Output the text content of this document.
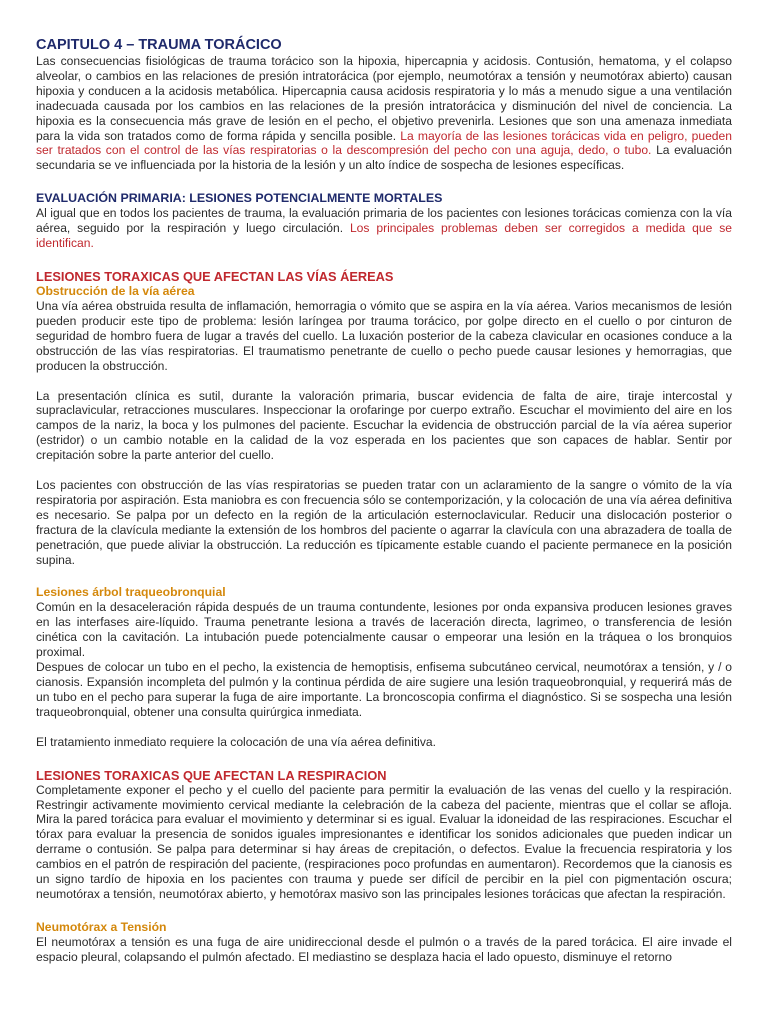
CAPITULO 4 – TRAUMA TORÁCICO

Las consecuencias fisiológicas de trauma torácico son la hipoxia, hipercapnia y acidosis. Contusión, hematoma, y el colapso alveolar, o cambios en las relaciones de presión intratorácica (por ejemplo, neumotórax a tensión y neumotórax abierto) causan hipoxia y conducen a la acidosis metabólica. Hipercapnia causa acidosis respiratoria y lo más a menudo sigue a una ventilación inadecuada causada por los cambios en las relaciones de la presión intratorácica y disminución del nivel de conciencia. La hipoxia es la consecuencia más grave de lesión en el pecho, el objetivo prevenirla. Lesiones que son una amenaza inmediata para la vida son tratados como de forma rápida y sencilla posible. La mayoría de las lesiones torácicas vida en peligro, pueden ser tratados con el control de las vías respiratorias o la descompresión del pecho con una aguja, dedo, o tubo. La evaluación secundaria se ve influenciada por la historia de la lesión y un alto índice de sospecha de lesiones específicas.

EVALUACIÓN PRIMARIA: LESIONES POTENCIALMENTE MORTALES

Al igual que en todos los pacientes de trauma, la evaluación primaria de los pacientes con lesiones torácicas comienza con la vía aérea, seguido por la respiración y luego circulación. Los principales problemas deben ser corregidos a medida que se identifican.

LESIONES TORAXICAS QUE AFECTAN LAS VÍAS ÁEREAS
Obstrucción de la vía aérea

Una vía aérea obstruida resulta de inflamación, hemorragia o vómito que se aspira en la vía aérea. Varios mecanismos de lesión pueden producir este tipo de problema: lesión laríngea por trauma torácico, por golpe directo en el cuello o por cinturon de seguridad de hombro fuera de lugar a través del cuello. La luxación posterior de la cabeza clavicular en ocasiones conduce a la obstrucción de las vías respiratorias. El traumatismo penetrante de cuello o pecho puede causar lesiones y hemorragias, que producen la obstrucción.

La presentación clínica es sutil, durante la valoración primaria, buscar evidencia de falta de aire, tiraje intercostal y supraclavicular, retracciones musculares. Inspeccionar la orofaringe por cuerpo extraño. Escuchar el movimiento del aire en los campos de la nariz, la boca y los pulmones del paciente. Escuchar la evidencia de obstrucción parcial de la vía aérea superior (estridor) o un cambio notable en la calidad de la voz esperada en los pacientes que son capaces de hablar. Sentir por crepitación sobre la parte anterior del cuello.

Los pacientes con obstrucción de las vías respiratorias se pueden tratar con un aclaramiento de la sangre o vómito de la vía respiratoria por aspiración. Esta maniobra es con frecuencia sólo se contemporización, y la colocación de una vía aérea definitiva es necesario. Se palpa por un defecto en la región de la articulación esternoclavicular. Reducir una dislocación posterior o fractura de la clavícula mediante la extensión de los hombros del paciente o agarrar la clavícula con una abrazadera de toalla de penetración, que puede aliviar la obstrucción. La reducción es típicamente estable cuando el paciente permanece en la posición supina.

Lesiones árbol traqueobronquial

Común en la desaceleración rápida después de un trauma contundente, lesiones por onda expansiva producen lesiones graves en las interfases aire-líquido. Trauma penetrante lesiona a través de laceración directa, lagrimeo, o transferencia de lesión cinética con la cavitación. La intubación puede potencialmente causar o empeorar una lesión en la tráquea o los bronquios proximal.

Despues de colocar un tubo en el pecho, la existencia de hemoptisis, enfisema subcutáneo cervical, neumotórax a tensión, y / o cianosis. Expansión incompleta del pulmón y la continua pérdida de aire sugiere una lesión traqueobronquial, y requerirá más de un tubo en el pecho para superar la fuga de aire importante. La broncoscopia confirma el diagnóstico. Si se sospecha una lesión traqueobronquial, obtener una consulta quirúrgica inmediata.

El tratamiento inmediato requiere la colocación de una vía aérea definitiva.

LESIONES TORAXICAS QUE AFECTAN LA RESPIRACION

Completamente exponer el pecho y el cuello del paciente para permitir la evaluación de las venas del cuello y la respiración. Restringir activamente movimiento cervical mediante la celebración de la cabeza del paciente, mientras que el collar se afloja. Mira la pared torácica para evaluar el movimiento y determinar si es igual. Evaluar la idoneidad de las respiraciones. Escuchar el tórax para evaluar la presencia de sonidos iguales impresionantes e identificar los sonidos adicionales que pueden indicar un derrame o contusión. Se palpa para determinar si hay áreas de crepitación, o defectos. Evalue la frecuencia respiratoria y los cambios en el patrón de respiración del paciente, (respiraciones poco profundas en aumentaron). Recordemos que la cianosis es un signo tardío de hipoxia en los pacientes con trauma y puede ser difícil de percibir en la piel con pigmentación oscura; neumotórax a tensión, neumotórax abierto, y hemotórax masivo son las principales lesiones torácicas que afectan la respiración.

Neumotórax a Tensión

El neumotórax a tensión es una fuga de aire unidireccional desde el pulmón o a través de la pared torácica. El aire invade el espacio pleural, colapsando el pulmón afectado. El mediastino se desplaza hacia el lado opuesto, disminuye el retorno
